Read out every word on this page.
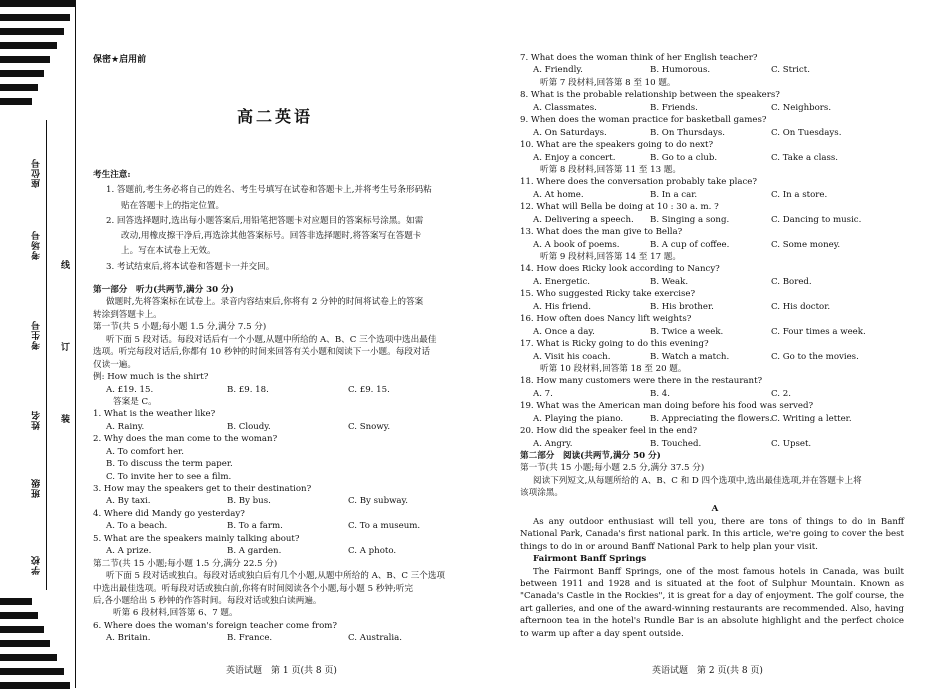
座位号
考场号
考生号
姓名
班级
学校
线
订
装
保密★启用前
高二英语
考生注意:
1. 答题前,考生务必将自己的姓名、考生号填写在试卷和答题卡上,并将考生号条形码粘
贴在答题卡上的指定位置。
2. 回答选择题时,选出每小题答案后,用铅笔把答题卡对应题目的答案标号涂黑。如需
改动,用橡皮擦干净后,再选涂其他答案标号。回答非选择题时,将答案写在答题卡
上。写在本试卷上无效。
3. 考试结束后,将本试卷和答题卡一并交回。
第一部分　听力(共两节,满分 30 分)
做题时,先将答案标在试卷上。录音内容结束后,你将有 2 分钟的时间将试卷上的答案
转涂到答题卡上。
第一节(共 5 小题;每小题 1.5 分,满分 7.5 分)
听下面 5 段对话。每段对话后有一个小题,从题中所给的 A、B、C 三个选项中选出最佳
选项。听完每段对话后,你都有 10 秒钟的时间来回答有关小题和阅读下一小题。每段对话
仅读一遍。
例: How much is the shirt?
A. £19. 15.	B. £9. 18.	C. £9. 15.
答案是 C。
1. What is the weather like?
A. Rainy.	B. Cloudy.	C. Snowy.
2. Why does the man come to the woman?
A. To comfort her.
B. To discuss the term paper.
C. To invite her to see a film.
3. How may the speakers get to their destination?
A. By taxi.	B. By bus.	C. By subway.
4. Where did Mandy go yesterday?
A. To a beach.	B. To a farm.	C. To a museum.
5. What are the speakers mainly talking about?
A. A prize.	B. A garden.	C. A photo.
第二节(共 15 小题;每小题 1.5 分,满分 22.5 分)
听下面 5 段对话或独白。每段对话或独白后有几个小题,从题中所给的 A、B、C 三个选项
中选出最佳选项。听每段对话或独白前,你将有时间阅读各个小题,每小题 5 秒钟;听完
后,各小题给出 5 秒钟的作答时间。每段对话或独白读两遍。
听第 6 段材料,回答第 6、7 题。
6. Where does the woman's foreign teacher come from?
A. Britain.	B. France.	C. Australia.
7. What does the woman think of her English teacher?
A. Friendly.	B. Humorous.	C. Strict.
听第 7 段材料,回答第 8 至 10 题。
8. What is the probable relationship between the speakers?
A. Classmates.	B. Friends.	C. Neighbors.
9. When does the woman practice for basketball games?
A. On Saturdays.	B. On Thursdays.	C. On Tuesdays.
10. What are the speakers going to do next?
A. Enjoy a concert.	B. Go to a club.	C. Take a class.
听第 8 段材料,回答第 11 至 13 题。
11. Where does the conversation probably take place?
A. At home.	B. In a car.	C. In a store.
12. What will Bella be doing at 10 : 30 a. m. ?
A. Delivering a speech.	B. Singing a song.	C. Dancing to music.
13. What does the man give to Bella?
A. A book of poems.	B. A cup of coffee.	C. Some money.
听第 9 段材料,回答第 14 至 17 题。
14. How does Ricky look according to Nancy?
A. Energetic.	B. Weak.	C. Bored.
15. Who suggested Ricky take exercise?
A. His friend.	B. His brother.	C. His doctor.
16. How often does Nancy lift weights?
A. Once a day.	B. Twice a week.	C. Four times a week.
17. What is Ricky going to do this evening?
A. Visit his coach.	B. Watch a match.	C. Go to the movies.
听第 10 段材料,回答第 18 至 20 题。
18. How many customers were there in the restaurant?
A. 7.	B. 4.	C. 2.
19. What was the American man doing before his food was served?
A. Playing the piano.	B. Appreciating the flowers.
C. Writing a letter.
20. How did the speaker feel in the end?
A. Angry.	B. Touched.	C. Upset.
第二部分　阅读(共两节,满分 50 分)
第一节(共 15 小题;每小题 2.5 分,满分 37.5 分)
阅读下列短文,从每题所给的 A、B、C 和 D 四个选项中,选出最佳选项,并在答题卡上将
该项涂黑。
A
As any outdoor enthusiast will tell you, there are tons of things to do in Banff National Park, Canada's first national park. In this article, we're going to cover the best things to do in or around Banff National Park to help plan your visit.
Fairmont Banff Springs
The Fairmont Banff Springs, one of the most famous hotels in Canada, was built between 1911 and 1928 and is situated at the foot of Sulphur Mountain. Known as "Canada's Castle in the Rockies", it is great for a day of enjoyment. The golf course, the art galleries, and one of the award-winning restaurants are recommended. Also, having afternoon tea in the hotel's Rundle Bar is an absolute highlight and the perfect choice to warm up after a day spent outside.
英语试题　第 1 页(共 8 页)	英语试题　第 2 页(共 8 页)
